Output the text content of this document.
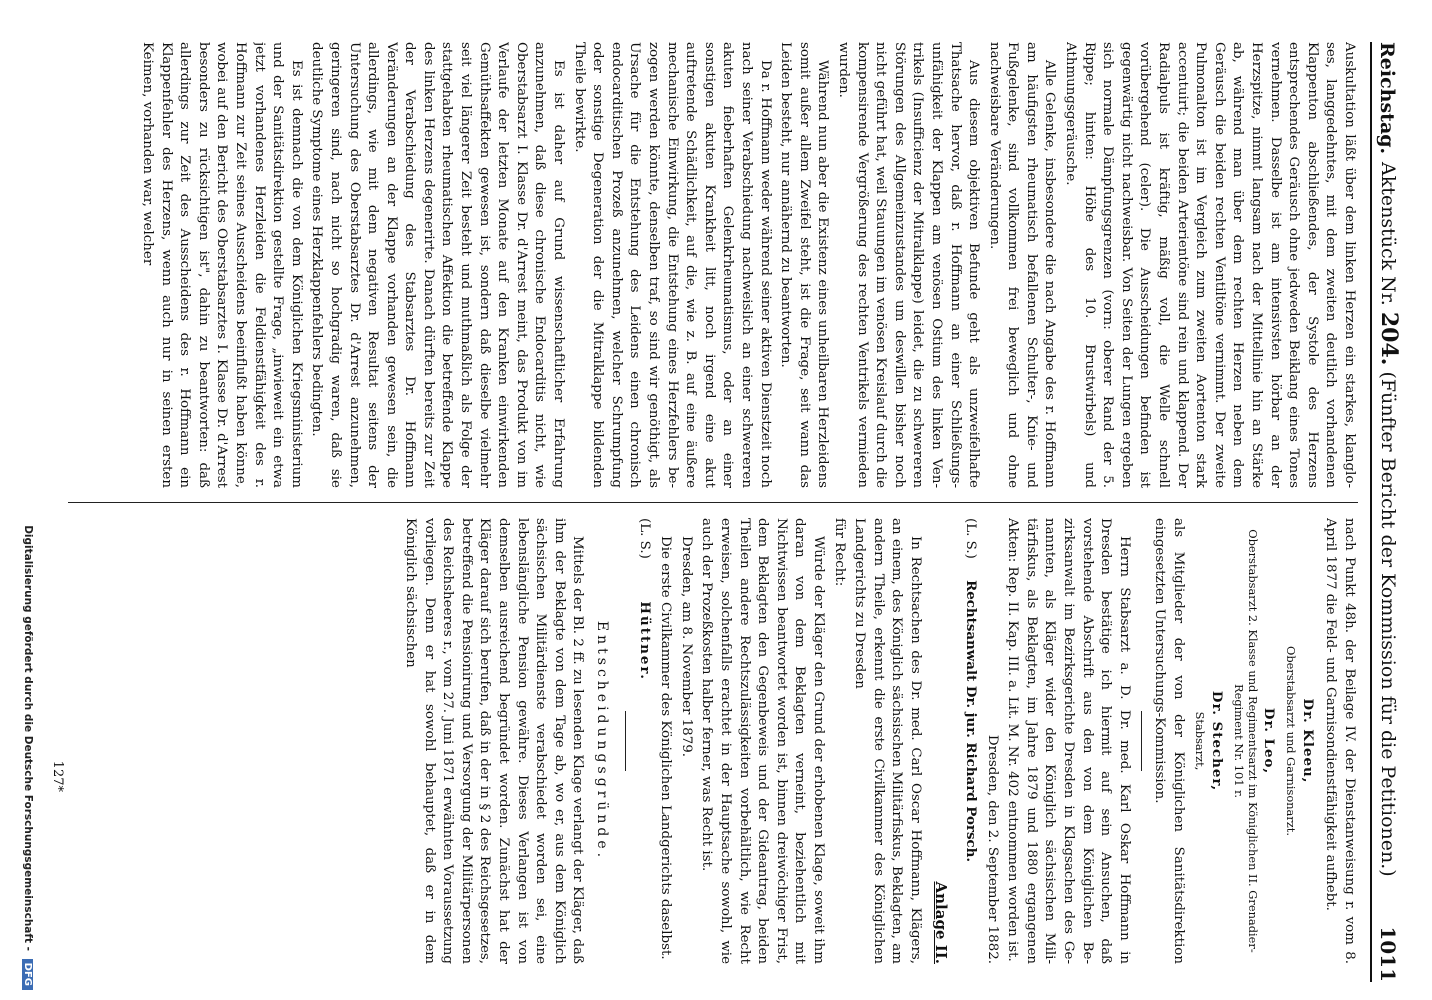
Reichstag.
Aktenstück Nr. 204. (Fünfter Bericht der Kommission für die Petitionen.)
1011

Auskultation läßt über dem linken Herzen ein starkes, klangloses, langgedehntes, mit dem zweiten deutlich vorhandenen Klappenton abschließendes, der Systole des Herzens entsprechendes Geräusch ohne jedweden Beiklang eines Tones vernehmen. Dasselbe ist am intensivsten hörbar an der Herzspitze, nimmt langsam nach der Mittellinie hin an Stärke ab, während man über dem rechten Herzen neben dem Geräusch die beiden rechten Ventiltöne vernimmt. Der zweite Pulmonalton ist im Vergleich zum zweiten Aortenton stark accentuirt; die beiden Arterientöne sind rein und klappend. Der Radialpuls ist kräftig, mäßig voll, die Welle schnell vorübergehend (celer). Die Ausscheidungen befinden ist gegenwärtig nicht nachweisbar. Von Seiten der Lungen ergeben sich normale Dämpfungsgrenzen (vorn: oberer Rand der 5. Rippe; hinten: Höhe des 10. Brustwirbels) und Athmungsgeräusche.

Alle Gelenke, insbesondere die nach Angabe des r. Hoffmann am häufigsten rheumatisch befallenen Schulter-, Knie- und Fußgelenke, sind vollkommen frei beweglich und ohne nachweisbare Veränderungen.

Aus diesem objektiven Befunde geht als unzweifelhafte Thatsache hervor, daß r. Hoffmann an einer Schließungsunfähigkeit der Klappen am venösen Ostium des linken Ventrikels (Insufficienz der Mitralklappe) leidet, die zu schwereren Störungen des Allgemeinzustandes um deswillen bisher noch nicht geführt hat, weil Stauungen im venösen Kreislauf durch die kompensirende Vergrößerung des rechten Ventrikels vermieden wurden.

Während nun aber die Existenz eines unheilbaren Herzleidens somit außer allem Zweifel steht, ist die Frage, seit wann das Leiden besteht, nur annähernd zu beantworten.

Da r. Hoffmann weder während seiner aktiven Dienstzeit noch nach seiner Verabschiedung nachweislich an einer schwereren akuten fieberhaften Gelenkrheumatismus, oder an einer sonstigen akuten Krankheit litt, noch irgend eine akut auftretende Schädlichkeit, auf die, wie z. B. auf eine äußere mechanische Einwirkung, die Entstehung eines Herzfehlers bezogen werden könnte, denselben traf, so sind wir genöthigt, als Ursache für die Entstehung des Leidens einen chronisch endocarditischen Prozeß anzunehmen, welcher Schrumpfung oder sonstige Degeneration der die Mitralklappe bildenden Theile bewirkte.

Es ist daher auf Grund wissenschaftlicher Erfahrung anzunehmen, daß diese chronische Endocarditis nicht, wie Oberstabsarzt I. Klasse Dr. d'Arrest meint, das Produkt von im Verlaufe der letzten Monate auf den Kranken einwirkenden Gemüthsaffekten gewesen ist, sondern daß dieselbe vielmehr seit viel längerer Zeit besteht und muthmaßlich als Folge der stattgehabten rheumatischen Affektion die betreffende Klappe des linken Herzens degenerirte. Danach dürften bereits zur Zeit der Verabschiedung des Stabsarztes Dr. Hoffmann Veränderungen an der Klappe vorhanden gewesen sein, die allerdings, wie mit dem negativen Resultat seitens der Untersuchung des Oberstabsarztes Dr. d'Arrest anzunehmen, geringeren sind, nach nicht so hochgradig waren, daß sie deutliche Symptome eines Herzklappenfehlers bedingten.

Es ist demnach die von dem Königlichen Kriegsministerium und der Sanitätsdirektion gestellte Frage, „inwieweit ein etwa jetzt vorhandenes Herzleiden die Feldienstfähigkeit des r. Hoffmann zur Zeit seines Ausscheidens beeinflußt haben könne, wobei auf den Bericht des Oberstabsarztes I. Klasse Dr. d'Arrest besonders zu rücksichtigen ist", dahin zu beantworten: daß allerdings zur Zeit des Ausscheidens des r. Hoffmann ein Klappenfehler des Herzens, wenn auch nur in seinen ersten Keimen, vorhanden war, welcher

nach Punkt 48h. der Beilage IV. der Dienstanweisung r. vom 8. April 1877 die Feld- und Garnisondienstfähigkeit aufhebt.

Dr. Kleeu,
Oberstabsarzt und Garnisonarzt.
Dr. Leo,
Oberstabsarzt 2. Klasse und Regimentsarzt im Königlichen II. Grenadier-Regiment Nr. 101 r.
Dr. Stecher,
Stabsarzt,

als Mitglieder der von der Königlichen Sanitätsdirektion eingesetzten Untersuchungs-Kommission.

Herrn Stabsarzt a. D. Dr. med. Karl Oskar Hoffmann in Dresden bestätige ich hiermit auf sein Ansuchen, daß vorstehende Abschrift aus den von dem Königlichen Bezirksanwalt im Bezirksgerichte Dresden in Klagsachen des Genannten, als Kläger wider den Königlich sächsischen Militärfiskus, als Beklagten, im Jahre 1879 und 1880 ergangenen Akten: Rep. II. Kap. III. a. Lit. M. Nr. 402 entnommen worden ist.

Dresden, den 2. September 1882.

(L. S.)     Rechtsanwalt Dr. jur. Richard Porsch.

Anlage II.

In Rechtsachen des Dr. med. Carl Oscar Hoffmann, Klägers, an einem, des Königlich sächsischen Militärfiskus, Beklagten, am andern Theile, erkennt die erste Civilkammer des Königlichen Landgerichts zu Dresden

für Recht:

Würde der Kläger den Grund der erhobenen Klage, soweit ihm daran von dem Beklagten verneint, beziehentlich mit Nichtwissen beantwortet worden ist, binnen dreiwöchiger Frist, dem Beklagten den Gegenbeweis und der Gideantrag, beiden Theilen andere Rechtszulässigkeiten vorbehältlich, wie Recht erweisen, solchenfalls erachtet in der Hauptsache sowohl, wie auch der Prozeßkosten halber ferner, was Recht ist.

Dresden, am 8. November 1879.

Die erste Civilkammer des Königlichen Landgerichts daselbst.

(L. S.)          Hüttner.

Entscheidungsgründe.

Mittels der Bl. 2 ff. zu lesenden Klage verlangt der Kläger, daß ihm der Beklagte von dem Tage ab, wo er, aus dem Königlich sächsischen Militärdienste verabschiedet worden sei, eine lebenslängliche Pension gewähre. Dieses Verlangen ist von demselben ausreichend begründet worden. Zunächst hat der Kläger darauf sich berufen, daß in der in § 2 des Reichsgesetzes, betreffend die Pensionirung und Versorgung der Militärpersonen des Reichsheeres r., vom 27. Juni 1871 erwähnten Voraussetzung vorliegen. Denn er hat sowohl behauptet, daß er in dem Königlich sächsischen

127*
Digitalisierung gefördert durch die Deutsche Forschungsgemeinschaft - DFG
